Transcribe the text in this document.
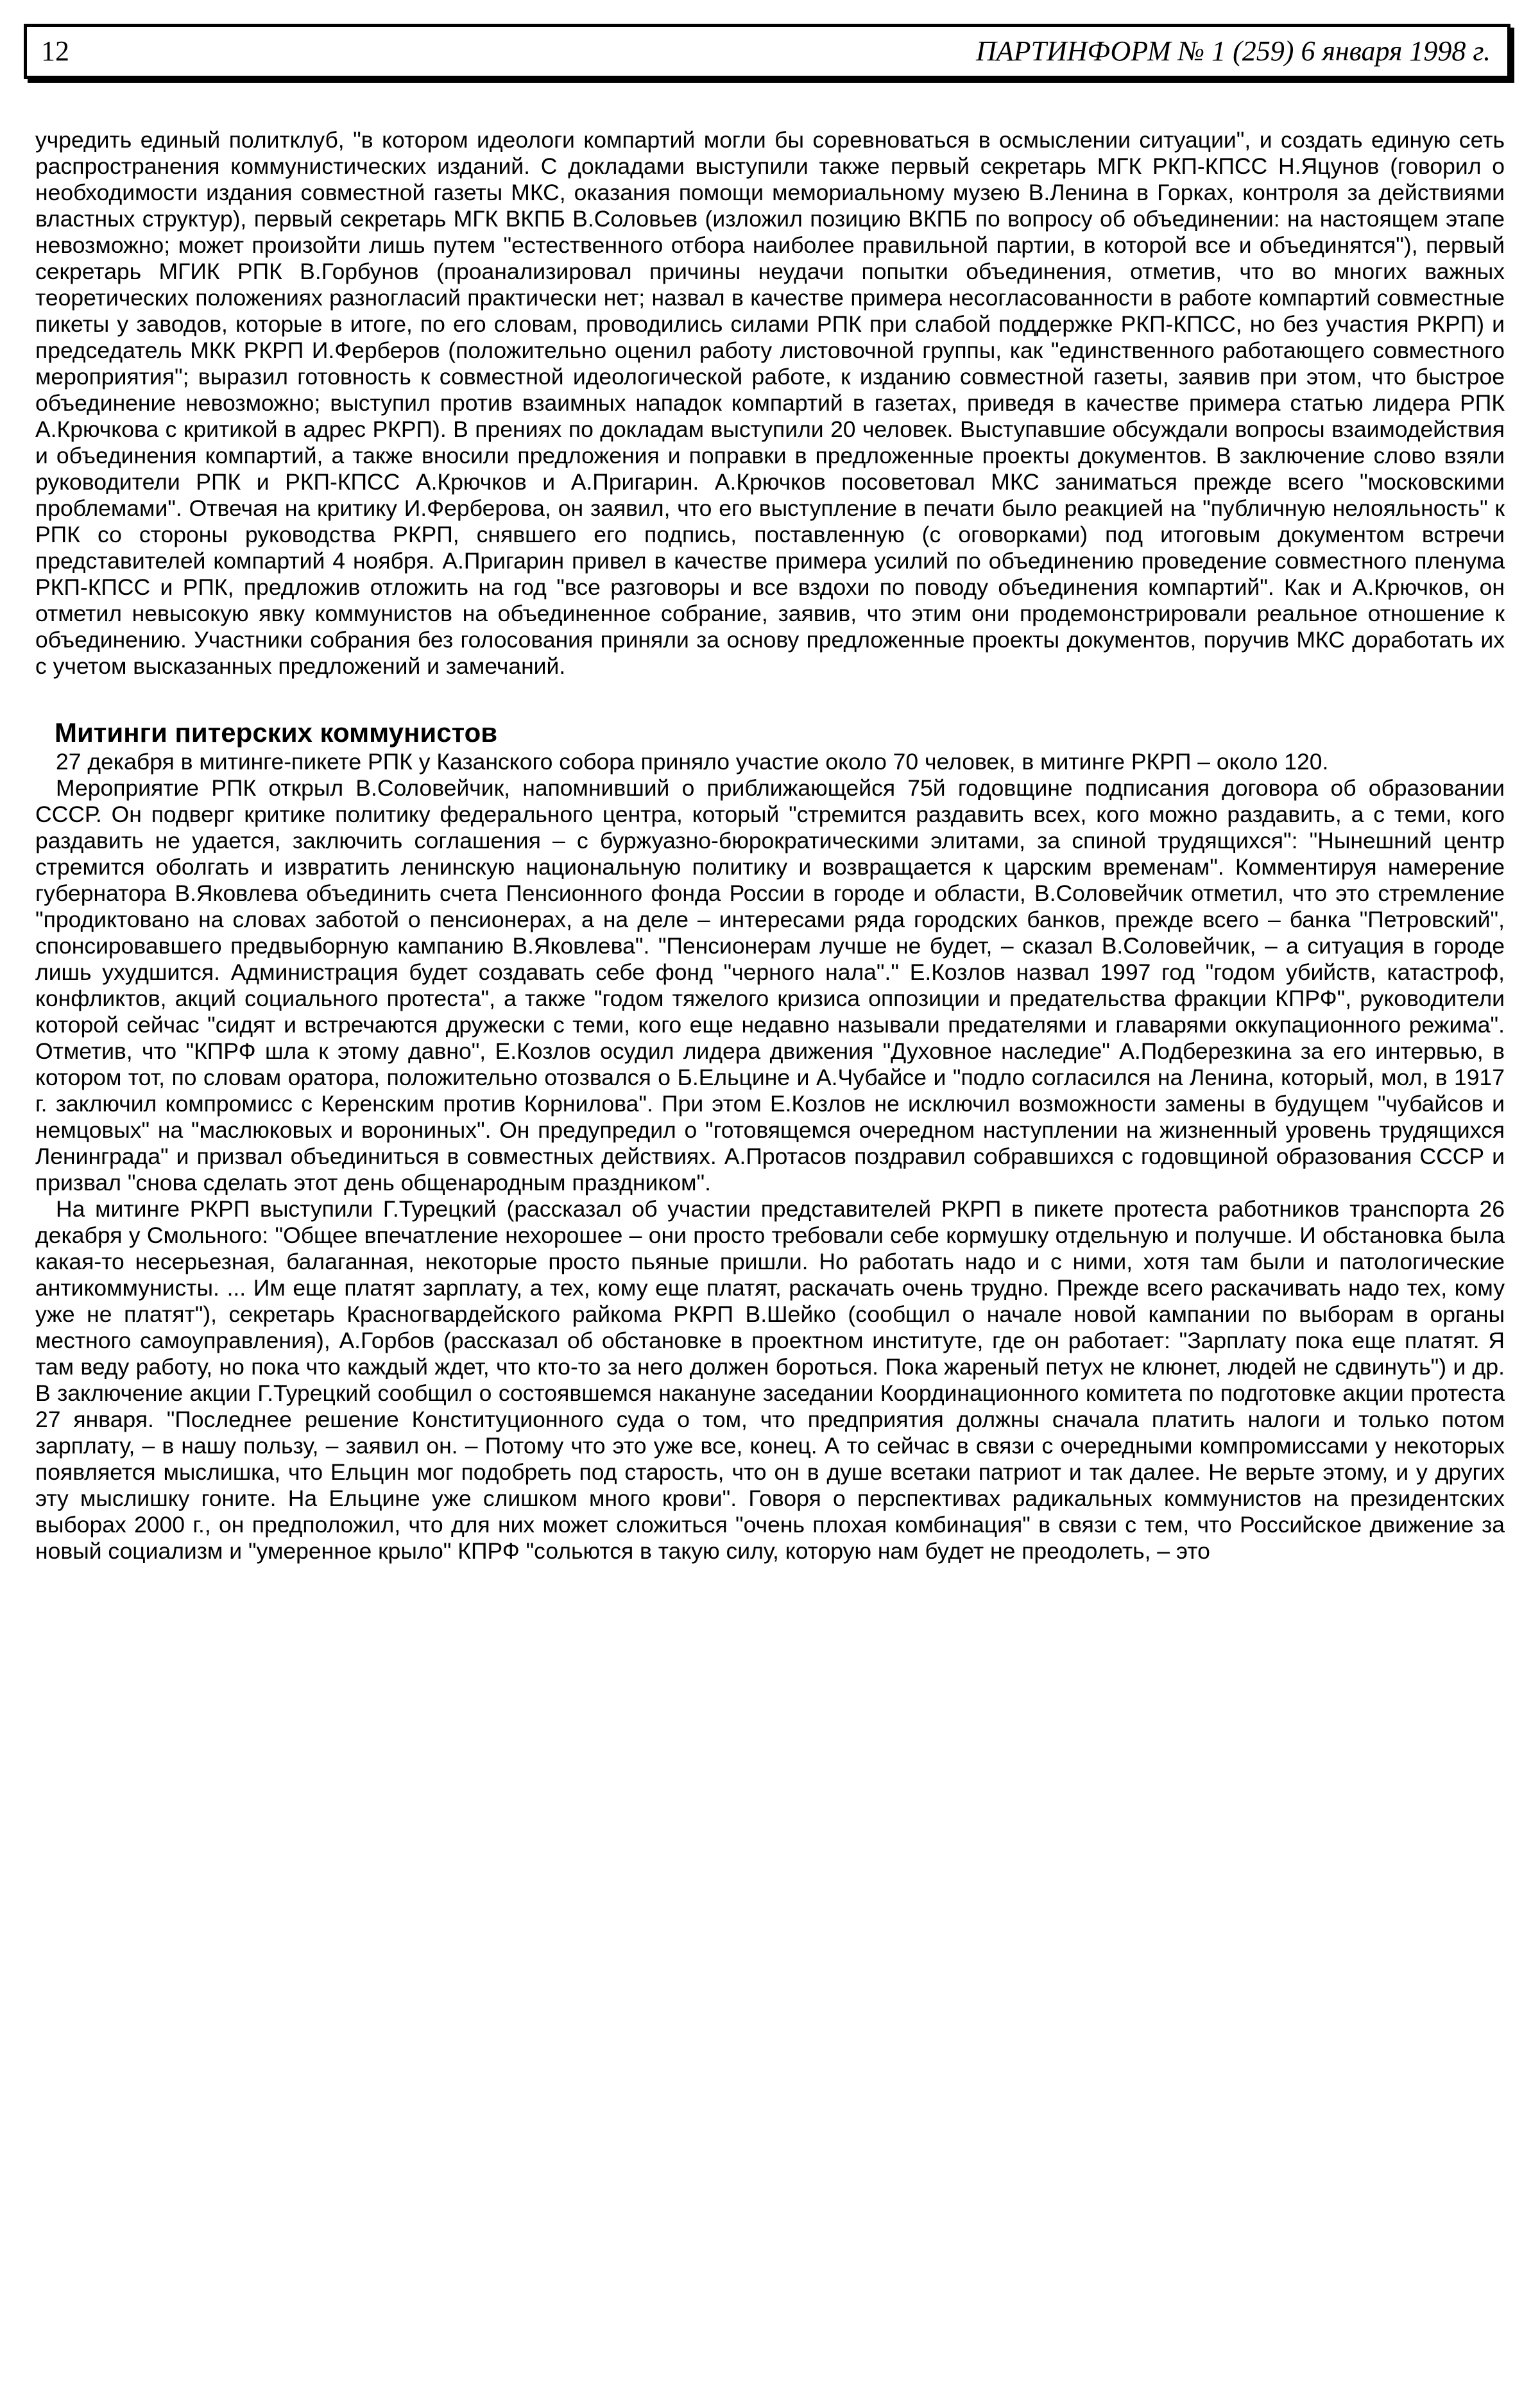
12	ПАРТИНФОРМ № 1 (259) 6 января 1998 г.

учредить единый политклуб, "в котором идеологи компартий могли бы соревноваться в осмыслении ситуации", и создать единую сеть распространения коммунистических изданий. С докладами выступили также первый секретарь МГК РКП-КПСС Н.Яцунов (говорил о необходимости издания совместной газеты МКС, оказания помощи мемориальному музею В.Ленина в Горках, контроля за действиями властных структур), первый секретарь МГК ВКПБ В.Соловьев (изложил позицию ВКПБ по вопросу об объединении: на настоящем этапе невозможно; может произойти лишь путем "естественного отбора наиболее правильной партии, в которой все и объединятся"), первый секретарь МГИК РПК В.Горбунов (проанализировал причины неудачи попытки объединения, отметив, что во многих важных теоретических положениях разногласий практически нет; назвал в качестве примера несогласованности в работе компартий совместные пикеты у заводов, которые в итоге, по его словам, проводились силами РПК при слабой поддержке РКП-КПСС, но без участия РКРП) и председатель МКК РКРП И.Ферберов (положительно оценил работу листовочной группы, как "единственного работающего совместного мероприятия"; выразил готовность к совместной идеологической работе, к изданию совместной газеты, заявив при этом, что быстрое объединение невозможно; выступил против взаимных нападок компартий в газетах, приведя в качестве примера статью лидера РПК А.Крючкова с критикой в адрес РКРП). В прениях по докладам выступили 20 человек. Выступавшие обсуждали вопросы взаимодействия и объединения компартий, а также вносили предложения и поправки в предложенные проекты документов. В заключение слово взяли руководители РПК и РКП-КПСС А.Крючков и А.Пригарин. А.Крючков посоветовал МКС заниматься прежде всего "московскими проблемами". Отвечая на критику И.Ферберова, он заявил, что его выступление в печати было реакцией на "публичную нелояльность" к РПК со стороны руководства РКРП, снявшего его подпись, поставленную (с оговорками) под итоговым документом встречи представителей компартий 4 ноября. А.Пригарин привел в качестве примера усилий по объединению проведение совместного пленума РКП-КПСС и РПК, предложив отложить на год "все разговоры и все вздохи по поводу объединения компартий". Как и А.Крючков, он отметил невысокую явку коммунистов на объединенное собрание, заявив, что этим они продемонстрировали реальное отношение к объединению. Участники собрания без голосования приняли за основу предложенные проекты документов, поручив МКС доработать их с учетом высказанных предложений и замечаний.

Митинги питерских коммунистов

27 декабря в митинге-пикете РПК у Казанского собора приняло участие около 70 человек, в митинге РКРП – около 120.

Мероприятие РПК открыл В.Соловейчик, напомнивший о приближающейся 75й годовщине подписания договора об образовании СССР. Он подверг критике политику федерального центра, который "стремится раздавить всех, кого можно раздавить, а с теми, кого раздавить не удается, заключить соглашения – с буржуазно-бюрократическими элитами, за спиной трудящихся": "Нынешний центр стремится оболгать и извратить ленинскую национальную политику и возвращается к царским временам". Комментируя намерение губернатора В.Яковлева объединить счета Пенсионного фонда России в городе и области, В.Соловейчик отметил, что это стремление "продиктовано на словах заботой о пенсионерах, а на деле – интересами ряда городских банков, прежде всего – банка "Петровский", спонсировавшего предвыборную кампанию В.Яковлева". "Пенсионерам лучше не будет, – сказал В.Соловейчик, – а ситуация в городе лишь ухудшится. Администрация будет создавать себе фонд "черного нала"." Е.Козлов назвал 1997 год "годом убийств, катастроф, конфликтов, акций социального протеста", а также "годом тяжелого кризиса оппозиции и предательства фракции КПРФ", руководители которой сейчас "сидят и встречаются дружески с теми, кого еще недавно называли предателями и главарями оккупационного режима". Отметив, что "КПРФ шла к этому давно", Е.Козлов осудил лидера движения "Духовное наследие" А.Подберезкина за его интервью, в котором тот, по словам оратора, положительно отозвался о Б.Ельцине и А.Чубайсе и "подло согласился на Ленина, который, мол, в 1917 г. заключил компромисс с Керенским против Корнилова". При этом Е.Козлов не исключил возможности замены в будущем "чубайсов и немцовых" на "маслюковых и ворониных". Он предупредил о "готовящемся очередном наступлении на жизненный уровень трудящихся Ленинграда" и призвал объединиться в совместных действиях. А.Протасов поздравил собравшихся с годовщиной образования СССР и призвал "снова сделать этот день общенародным праздником".

На митинге РКРП выступили Г.Турецкий (рассказал об участии представителей РКРП в пикете протеста работников транспорта 26 декабря у Смольного: "Общее впечатление нехорошее – они просто требовали себе кормушку отдельную и получше. И обстановка была какая-то несерьезная, балаганная, некоторые просто пьяные пришли. Но работать надо и с ними, хотя там были и патологические антикоммунисты. ... Им еще платят зарплату, а тех, кому еще платят, раскачать очень трудно. Прежде всего раскачивать надо тех, кому уже не платят"), секретарь Красногвардейского райкома РКРП В.Шейко (сообщил о начале новой кампании по выборам в органы местного самоуправления), А.Горбов (рассказал об обстановке в проектном институте, где он работает: "Зарплату пока еще платят. Я там веду работу, но пока что каждый ждет, что кто-то за него должен бороться. Пока жареный петух не клюнет, людей не сдвинуть") и др. В заключение акции Г.Турецкий сообщил о состоявшемся накануне заседании Координационного комитета по подготовке акции протеста 27 января. "Последнее решение Конституционного суда о том, что предприятия должны сначала платить налоги и только потом зарплату, – в нашу пользу, – заявил он. – Потому что это уже все, конец. А то сейчас в связи с очередными компромиссами у некоторых появляется мыслишка, что Ельцин мог подобреть под старость, что он в душе всетаки патриот и так далее. Не верьте этому, и у других эту мыслишку гоните. На Ельцине уже слишком много крови". Говоря о перспективах радикальных коммунистов на президентских выборах 2000 г., он предположил, что для них может сложиться "очень плохая комбинация" в связи с тем, что Российское движение за новый социализм и "умеренное крыло" КПРФ "сольются в такую силу, которую нам будет не преодолеть, – это
